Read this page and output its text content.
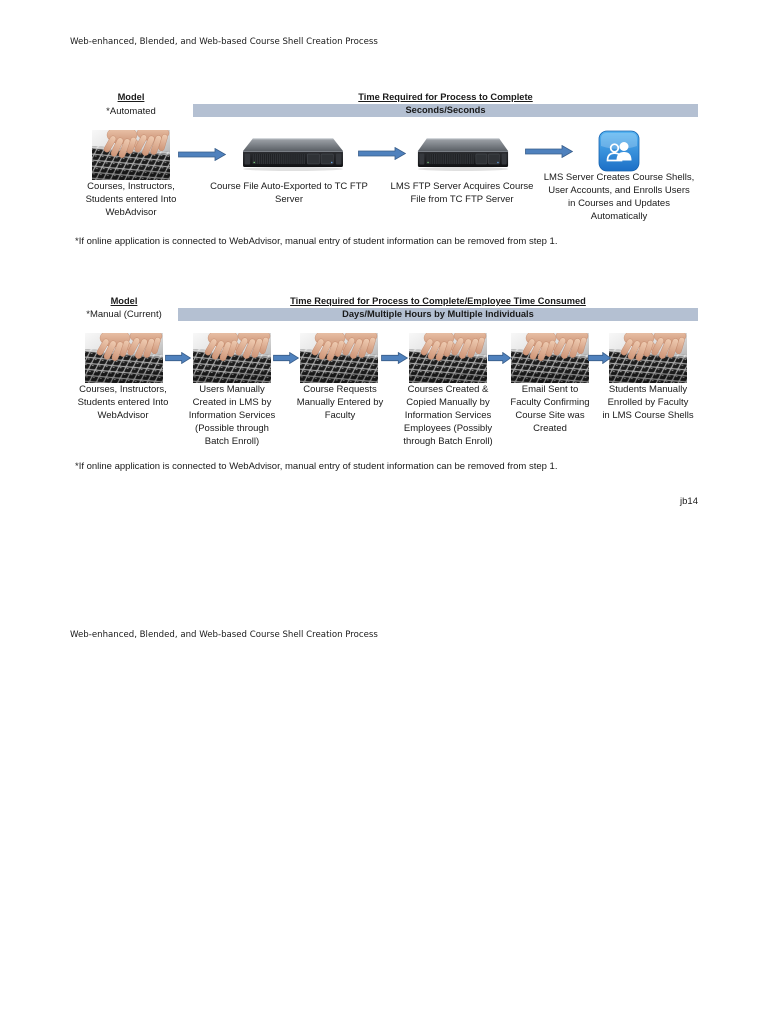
Web-enhanced, Blended, and Web-based Course Shell Creation Process
Model
*Automated
Time Required for Process to Complete
Seconds/Seconds
Courses, Instructors,
Students entered Into
WebAdvisor
Course File Auto-Exported to TC FTP
Server
LMS FTP Server Acquires Course
File from TC FTP Server
LMS Server Creates Course Shells,
User Accounts, and Enrolls Users
in Courses and Updates
Automatically
*If online application is connected to WebAdvisor, manual entry of student information can be removed from step 1.
Model
*Manual (Current)
Time Required for Process to Complete/Employee Time Consumed
Days/Multiple Hours by Multiple Individuals
Courses, Instructors,
Students entered Into
WebAdvisor
Users Manually
Created in LMS by
Information Services
(Possible through
Batch Enroll)
Course Requests
Manually Entered by
Faculty
Courses Created &
Copied Manually by
Information Services
Employees (Possibly
through Batch Enroll)
Email Sent to
Faculty Confirming
Course Site was
Created
Students Manually
Enrolled by Faculty
in LMS Course Shells
*If online application is connected to WebAdvisor, manual entry of student information can be removed from step 1.
jb14
Web-enhanced, Blended, and Web-based Course Shell Creation Process
